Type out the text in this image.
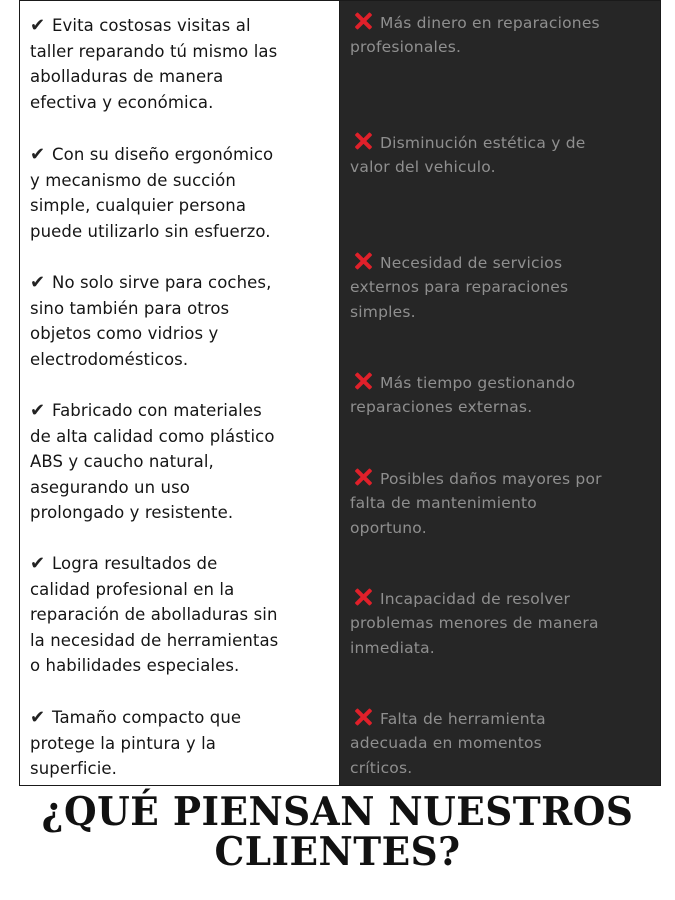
✔ Evita costosas visitas al
taller reparando tú mismo las
abolladuras de manera
efectiva y económica.
✔ Con su diseño ergonómico
y mecanismo de succión
simple, cualquier persona
puede utilizarlo sin esfuerzo.
✔ No solo sirve para coches,
sino también para otros
objetos como vidrios y
electrodomésticos.
✔ Fabricado con materiales
de alta calidad como plástico
ABS y caucho natural,
asegurando un uso
prolongado y resistente.
✔ Logra resultados de
calidad profesional en la
reparación de abolladuras sin
la necesidad de herramientas
o habilidades especiales.
✔ Tamaño compacto que
protege la pintura y la
superficie.
Más dinero en reparaciones
profesionales.
Disminución estética y de
valor del vehiculo.
Necesidad de servicios
externos para reparaciones
simples.
Más tiempo gestionando
reparaciones externas.
Posibles daños mayores por
falta de mantenimiento
oportuno.
Incapacidad de resolver
problemas menores de manera
inmediata.
Falta de herramienta
adecuada en momentos
críticos.
¿QUÉ PIENSAN NUESTROS
CLIENTES?
